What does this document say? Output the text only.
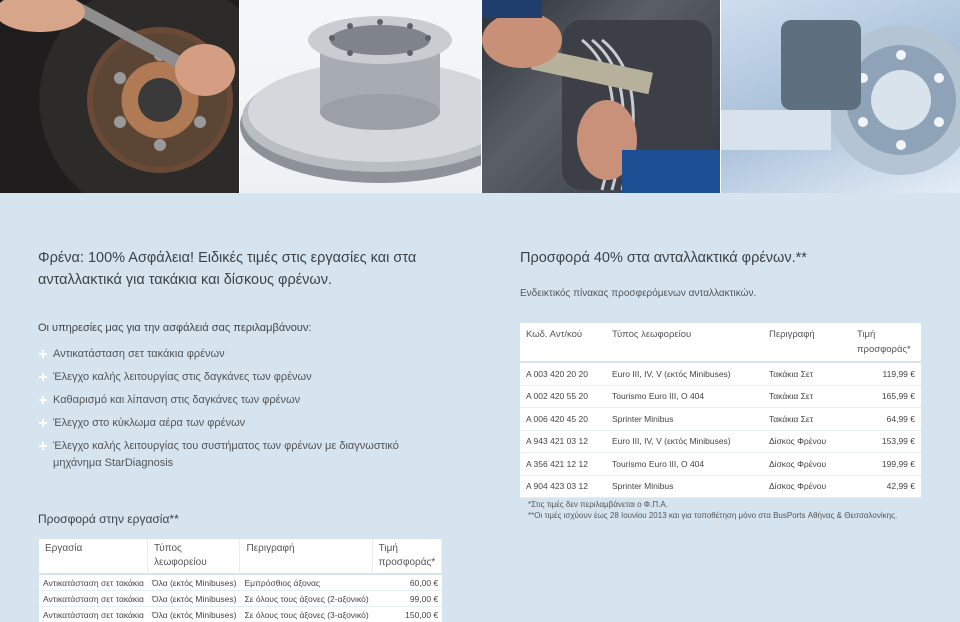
Φρένα: 100% Ασφάλεια! Ειδικές τιμές στις εργασίες και στα
ανταλλακτικά για τακάκια και δίσκους φρένων.
Προσφορά 40% στα ανταλλακτικά φρένων.**
Ενδεικτικός πίνακας προσφερόμενων ανταλλακτικών.
Οι υπηρεσίες μας για την ασφάλειά σας περιλαμβάνουν:
Αντικατάσταση σετ τακάκια φρένων
Έλεγχο καλής λειτουργίας στις δαγκάνες των φρένων
Καθαρισμό και λίπανση στις δαγκάνες των φρένων
Έλεγχο στο κύκλωμα αέρα των φρένων
Έλεγχο καλής λειτουργίας του συστήματος των φρένων με διαγνωστικό μηχάνημα StarDiagnosis
Προσφορά στην εργασία**
Εργασία	Τύπος λεωφορείου	Περιγραφή	Τιμή προσφοράς*
Αντικατάσταση σετ τακάκια	Όλα (εκτός Minibuses)	Εμπρόσθιος άξονας	60,00 €
Αντικατάσταση σετ τακάκια	Όλα (εκτός Minibuses)	Σε όλους τους άξονες (2-αξονικό)	99,00 €
Αντικατάσταση σετ τακάκια	Όλα (εκτός Minibuses)	Σε όλους τους άξονες (3-αξονικό)	150,00 €
Κωδ. Αντ/κού	Τύπος λεωφορείου	Περιγραφή	Τιμή προσφοράς*
A 003 420 20 20	Euro III, IV, V (εκτός Minibuses)	Τακάκια Σετ	119,99 €
A 002 420 55 20	Tourismo Euro III, O 404	Τακάκια Σετ	165,99 €
A 006 420 45 20	Sprinter Minibus	Τακάκια Σετ	64,99 €
A 943 421 03 12	Euro III, IV, V (εκτός Minibuses)	Δίσκος Φρένου	153,99 €
A 356 421 12 12	Tourismo Euro III, O 404	Δίσκος Φρένου	199,99 €
A 904 423 03 12	Sprinter Minibus	Δίσκος Φρένου	42,99 €
*Στις τιμές δεν περιλαμβάνεται ο Φ.Π.Α.
**Οι τιμές ισχύουν έως 28 Ιουνίου 2013 και για τοποθέτηση μόνο στα BusPorts Αθήνας & Θεσσαλονίκης.
